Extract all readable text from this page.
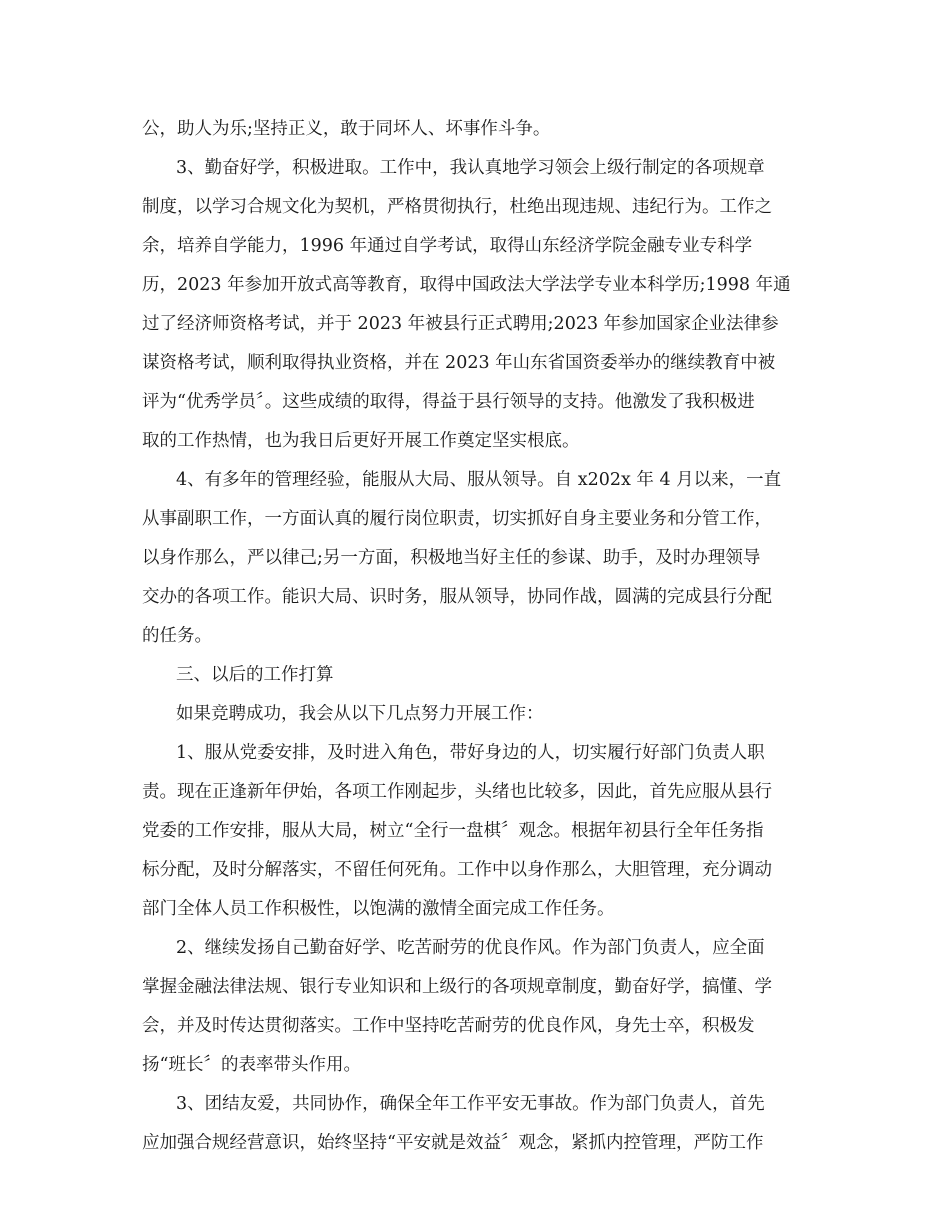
公，助人为乐;坚持正义，敢于同坏人、坏事作斗争。
3、勤奋好学，积极进取。工作中，我认真地学习领会上级行制定的各项规章
制度，以学习合规文化为契机，严格贯彻执行，杜绝出现违规、违纪行为。工作之
余，培养自学能力，1996 年通过自学考试，取得山东经济学院金融专业专科学
历，2023 年参加开放式高等教育，取得中国政法大学法学专业本科学历;1998 年通
过了经济师资格考试，并于 2023 年被县行正式聘用;2023 年参加国家企业法律参
谋资格考试，顺利取得执业资格，并在 2023 年山东省国资委举办的继续教育中被
评为“优秀学员〞。这些成绩的取得，得益于县行领导的支持。他激发了我积极进
取的工作热情，也为我日后更好开展工作奠定坚实根底。
4、有多年的管理经验，能服从大局、服从领导。自 x202x 年 4 月以来，一直
从事副职工作，一方面认真的履行岗位职责，切实抓好自身主要业务和分管工作，
以身作那么，严以律己;另一方面，积极地当好主任的参谋、助手，及时办理领导
交办的各项工作。能识大局、识时务，服从领导，协同作战，圆满的完成县行分配
的任务。
三、以后的工作打算
如果竞聘成功，我会从以下几点努力开展工作：
1、服从党委安排，及时进入角色，带好身边的人，切实履行好部门负责人职
责。现在正逢新年伊始，各项工作刚起步，头绪也比较多，因此，首先应服从县行
党委的工作安排，服从大局，树立“全行一盘棋〞观念。根据年初县行全年任务指
标分配，及时分解落实，不留任何死角。工作中以身作那么，大胆管理，充分调动
部门全体人员工作积极性，以饱满的激情全面完成工作任务。
2、继续发扬自己勤奋好学、吃苦耐劳的优良作风。作为部门负责人，应全面
掌握金融法律法规、银行专业知识和上级行的各项规章制度，勤奋好学，搞懂、学
会，并及时传达贯彻落实。工作中坚持吃苦耐劳的优良作风，身先士卒，积极发
扬“班长〞的表率带头作用。
3、团结友爱，共同协作，确保全年工作平安无事故。作为部门负责人，首先
应加强合规经营意识，始终坚持“平安就是效益〞观念，紧抓内控管理，严防工作
